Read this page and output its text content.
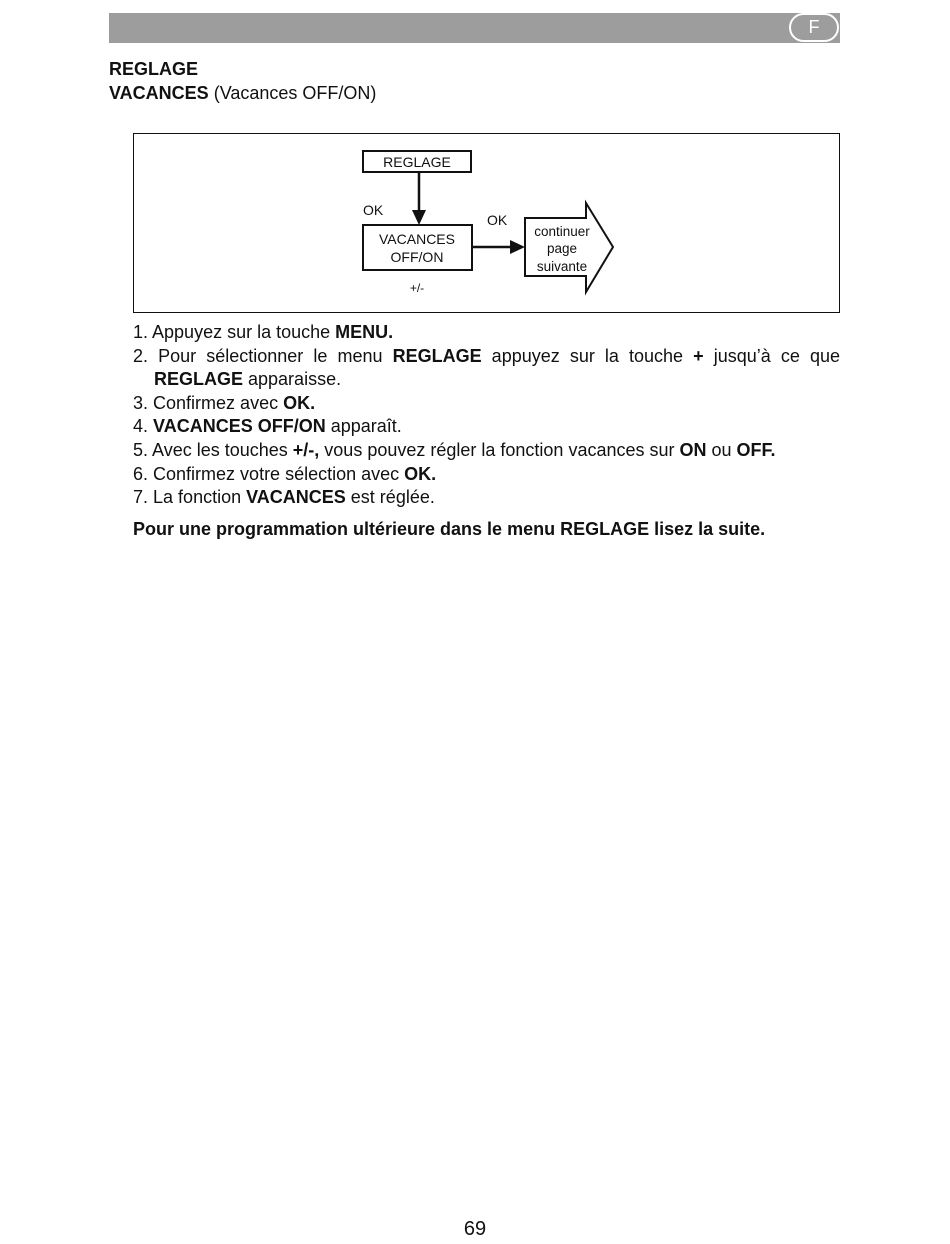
F
REGLAGE
VACANCES (Vacances OFF/ON)
REGLAGE
OK
VACANCES
OFF/ON
+/-
OK
continuer
page
suivante
1. Appuyez sur la touche MENU.
2. Pour sélectionner le menu REGLAGE appuyez sur la touche + jusqu’à ce que REGLAGE apparaisse.
3. Confirmez avec OK.
4. VACANCES OFF/ON apparaît.
5. Avec les touches +/-, vous pouvez régler la fonction vacances sur ON ou OFF.
6. Confirmez votre sélection avec OK.
7. La fonction VACANCES est réglée.
Pour une programmation ultérieure dans le menu REGLAGE lisez la suite.
69
